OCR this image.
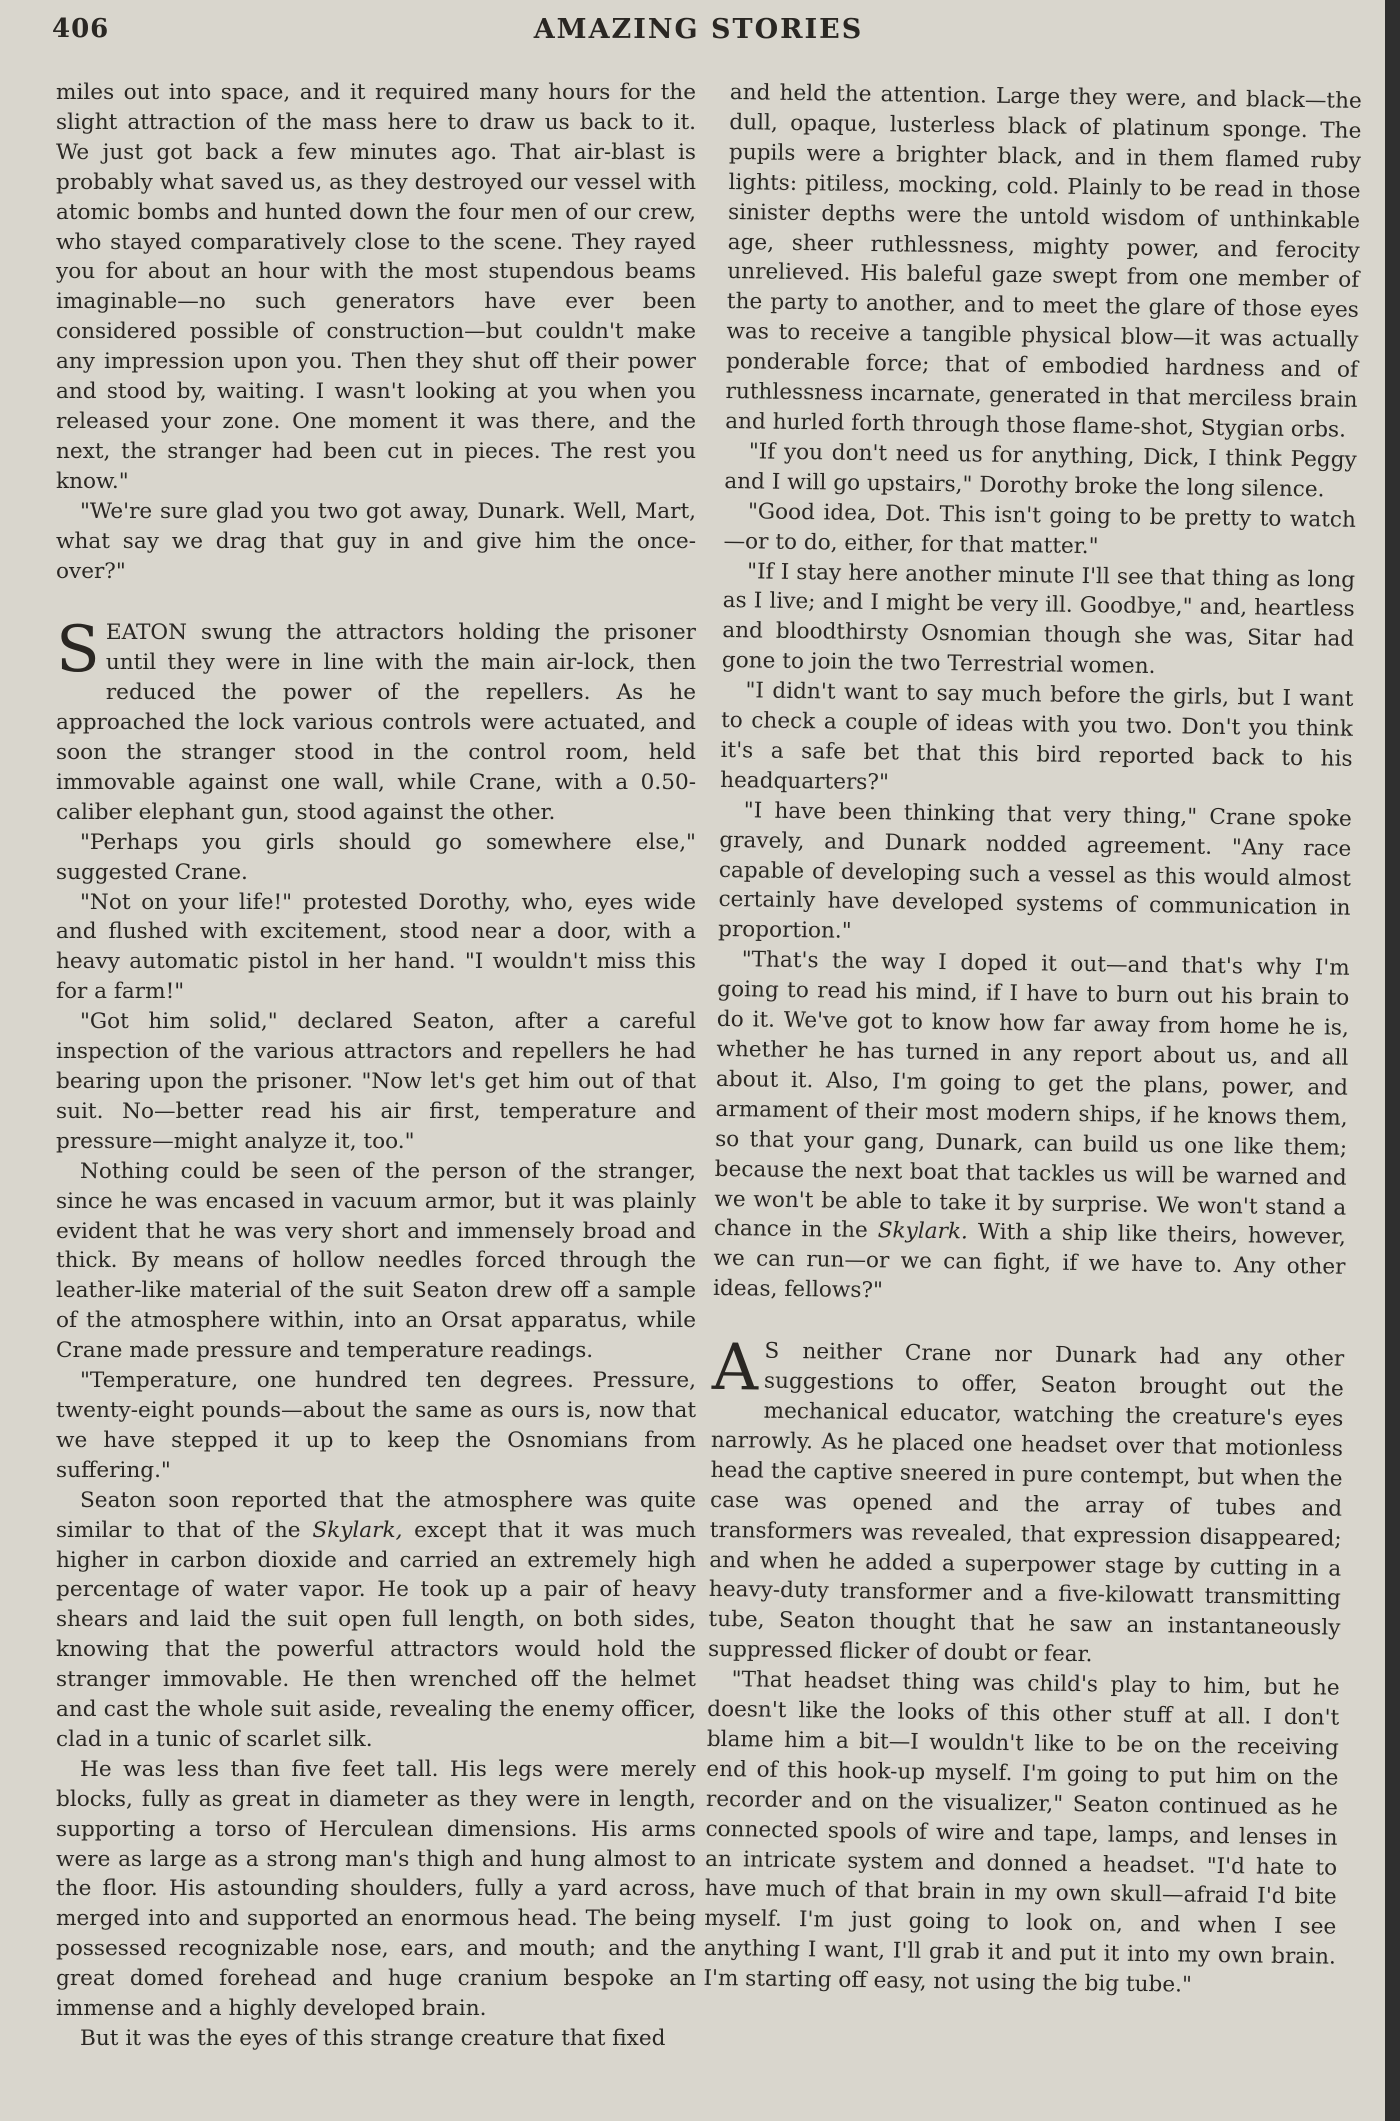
406	AMAZING STORIES

miles out into space, and it required many hours for the slight attraction of the mass here to draw us back to it. We just got back a few minutes ago. That air-blast is probably what saved us, as they destroyed our vessel with atomic bombs and hunted down the four men of our crew, who stayed comparatively close to the scene. They rayed you for about an hour with the most stupendous beams imaginable—no such generators have ever been considered possible of construction—but couldn't make any impression upon you. Then they shut off their power and stood by, waiting. I wasn't looking at you when you released your zone. One moment it was there, and the next, the stranger had been cut in pieces. The rest you know."

"We're sure glad you two got away, Dunark. Well, Mart, what say we drag that guy in and give him the once-over?"

SEATON swung the attractors holding the prisoner until they were in line with the main air-lock, then reduced the power of the repellers. As he approached the lock various controls were actuated, and soon the stranger stood in the control room, held immovable against one wall, while Crane, with a 0.50-caliber elephant gun, stood against the other.

"Perhaps you girls should go somewhere else," suggested Crane.

"Not on your life!" protested Dorothy, who, eyes wide and flushed with excitement, stood near a door, with a heavy automatic pistol in her hand. "I wouldn't miss this for a farm!"

"Got him solid," declared Seaton, after a careful inspection of the various attractors and repellers he had bearing upon the prisoner. "Now let's get him out of that suit. No—better read his air first, temperature and pressure—might analyze it, too."

Nothing could be seen of the person of the stranger, since he was encased in vacuum armor, but it was plainly evident that he was very short and immensely broad and thick. By means of hollow needles forced through the leather-like material of the suit Seaton drew off a sample of the atmosphere within, into an Orsat apparatus, while Crane made pressure and temperature readings.

"Temperature, one hundred ten degrees. Pressure, twenty-eight pounds—about the same as ours is, now that we have stepped it up to keep the Osnomians from suffering."

Seaton soon reported that the atmosphere was quite similar to that of the Skylark, except that it was much higher in carbon dioxide and carried an extremely high percentage of water vapor. He took up a pair of heavy shears and laid the suit open full length, on both sides, knowing that the powerful attractors would hold the stranger immovable. He then wrenched off the helmet and cast the whole suit aside, revealing the enemy officer, clad in a tunic of scarlet silk.

He was less than five feet tall. His legs were merely blocks, fully as great in diameter as they were in length, supporting a torso of Herculean dimensions. His arms were as large as a strong man's thigh and hung almost to the floor. His astounding shoulders, fully a yard across, merged into and supported an enormous head. The being possessed recognizable nose, ears, and mouth; and the great domed forehead and huge cranium bespoke an immense and a highly developed brain.

But it was the eyes of this strange creature that fixed

and held the attention. Large they were, and black—the dull, opaque, lusterless black of platinum sponge. The pupils were a brighter black, and in them flamed ruby lights: pitiless, mocking, cold. Plainly to be read in those sinister depths were the untold wisdom of unthinkable age, sheer ruthlessness, mighty power, and ferocity unrelieved. His baleful gaze swept from one member of the party to another, and to meet the glare of those eyes was to receive a tangible physical blow—it was actually ponderable force; that of embodied hardness and of ruthlessness incarnate, generated in that merciless brain and hurled forth through those flame-shot, Stygian orbs.

"If you don't need us for anything, Dick, I think Peggy and I will go upstairs," Dorothy broke the long silence.

"Good idea, Dot. This isn't going to be pretty to watch—or to do, either, for that matter."

"If I stay here another minute I'll see that thing as long as I live; and I might be very ill. Goodbye," and, heartless and bloodthirsty Osnomian though she was, Sitar had gone to join the two Terrestrial women.

"I didn't want to say much before the girls, but I want to check a couple of ideas with you two. Don't you think it's a safe bet that this bird reported back to his headquarters?"

"I have been thinking that very thing," Crane spoke gravely, and Dunark nodded agreement. "Any race capable of developing such a vessel as this would almost certainly have developed systems of communication in proportion."

"That's the way I doped it out—and that's why I'm going to read his mind, if I have to burn out his brain to do it. We've got to know how far away from home he is, whether he has turned in any report about us, and all about it. Also, I'm going to get the plans, power, and armament of their most modern ships, if he knows them, so that your gang, Dunark, can build us one like them; because the next boat that tackles us will be warned and we won't be able to take it by surprise. We won't stand a chance in the Skylark. With a ship like theirs, however, we can run—or we can fight, if we have to. Any other ideas, fellows?"

A S neither Crane nor Dunark had any other suggestions to offer, Seaton brought out the mechanical educator, watching the creature's eyes narrowly. As he placed one headset over that motionless head the captive sneered in pure contempt, but when the case was opened and the array of tubes and transformers was revealed, that expression disappeared; and when he added a superpower stage by cutting in a heavy-duty transformer and a five-kilowatt transmitting tube, Seaton thought that he saw an instantaneously suppressed flicker of doubt or fear.

"That headset thing was child's play to him, but he doesn't like the looks of this other stuff at all. I don't blame him a bit—I wouldn't like to be on the receiving end of this hook-up myself. I'm going to put him on the recorder and on the visualizer," Seaton continued as he connected spools of wire and tape, lamps, and lenses in an intricate system and donned a headset. "I'd hate to have much of that brain in my own skull—afraid I'd bite myself. I'm just going to look on, and when I see anything I want, I'll grab it and put it into my own brain. I'm starting off easy, not using the big tube."
